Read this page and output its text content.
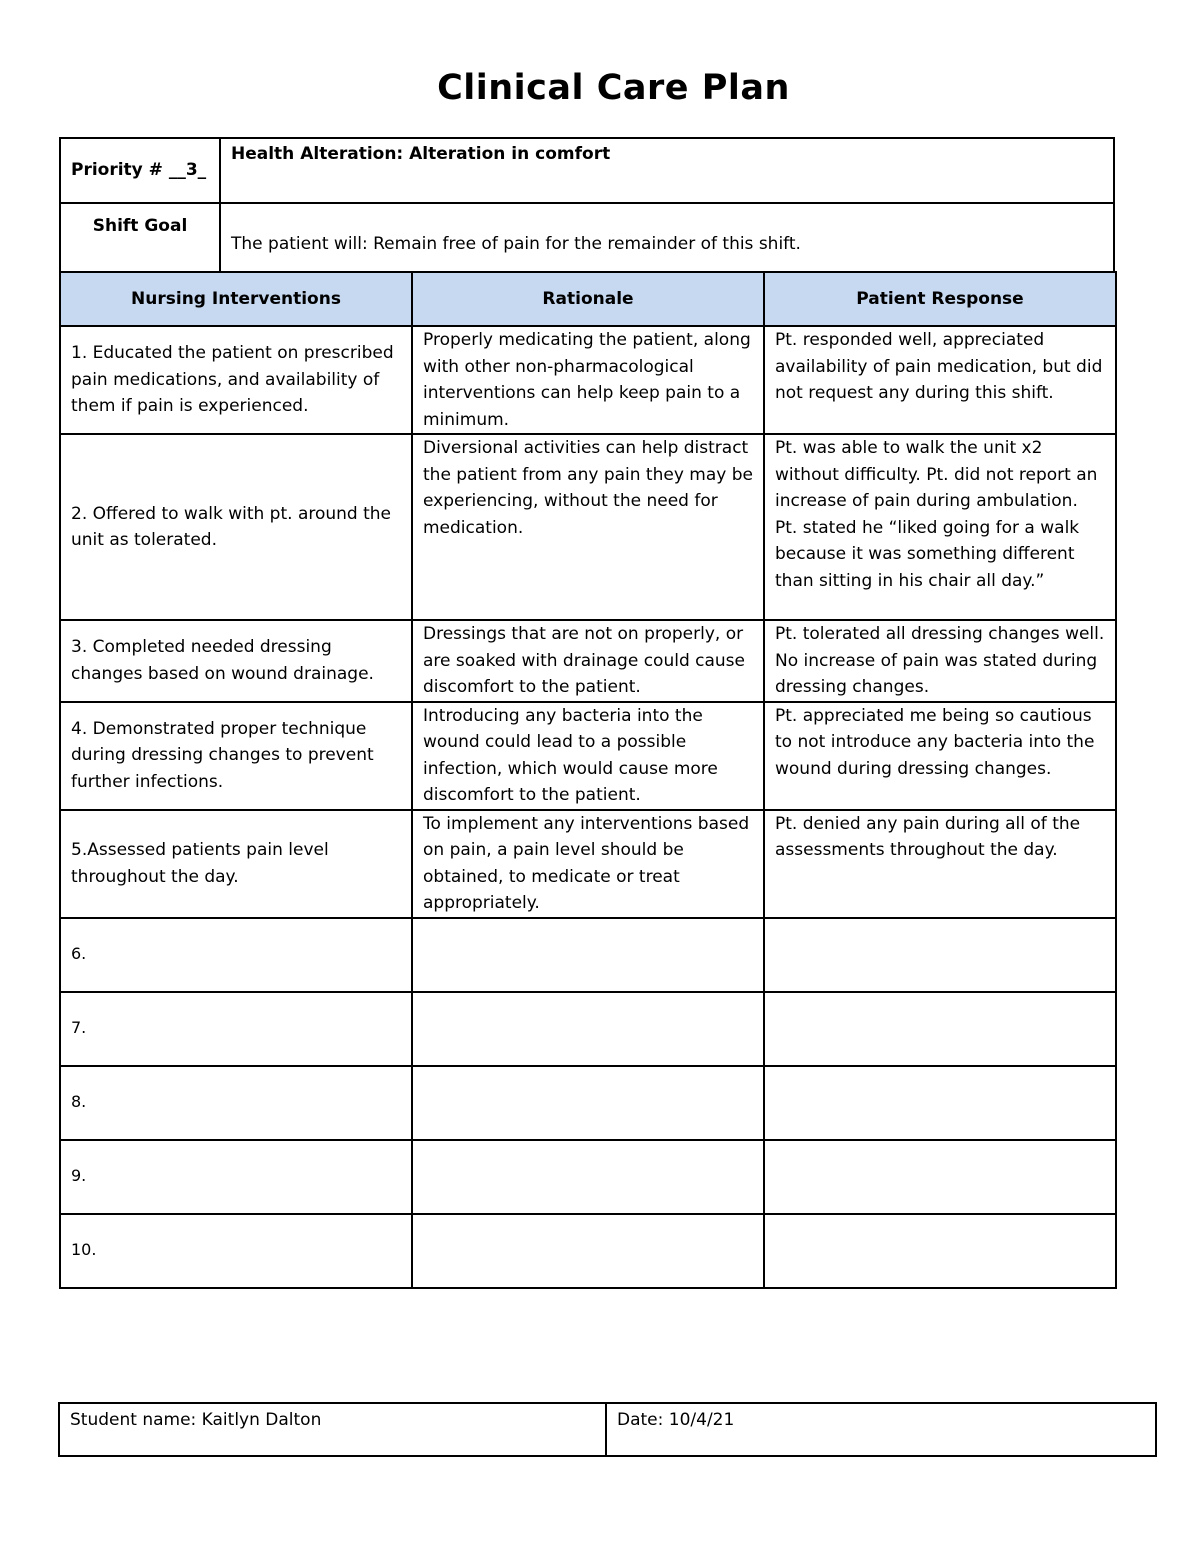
Clinical Care Plan
Priority # __3_	Health Alteration: Alteration in comfort
Shift Goal	The patient will: Remain free of pain for the remainder of this shift.
Nursing Interventions	Rationale	Patient Response
1. Educated the patient on prescribed pain medications, and availability of them if pain is experienced.	Properly medicating the patient, along with other non-pharmacological interventions can help keep pain to a minimum.	Pt. responded well, appreciated availability of pain medication, but did not request any during this shift.
2. Offered to walk with pt. around the unit as tolerated.	Diversional activities can help distract the patient from any pain they may be experiencing, without the need for medication.	Pt. was able to walk the unit x2 without difficulty. Pt. did not report an increase of pain during ambulation. Pt. stated he “liked going for a walk because it was something different than sitting in his chair all day.”
3. Completed needed dressing changes based on wound drainage.	Dressings that are not on properly, or are soaked with drainage could cause discomfort to the patient.	Pt. tolerated all dressing changes well. No increase of pain was stated during dressing changes.
4. Demonstrated proper technique during dressing changes to prevent further infections.	Introducing any bacteria into the wound could lead to a possible infection, which would cause more discomfort to the patient.	Pt. appreciated me being so cautious to not introduce any bacteria into the wound during dressing changes.
5.Assessed patients pain level throughout the day.	To implement any interventions based on pain, a pain level should be obtained, to medicate or treat appropriately.	Pt. denied any pain during all of the assessments throughout the day.
6.		
7.		
8.		
9.		
10.		
Student name: Kaitlyn Dalton	Date: 10/4/21
